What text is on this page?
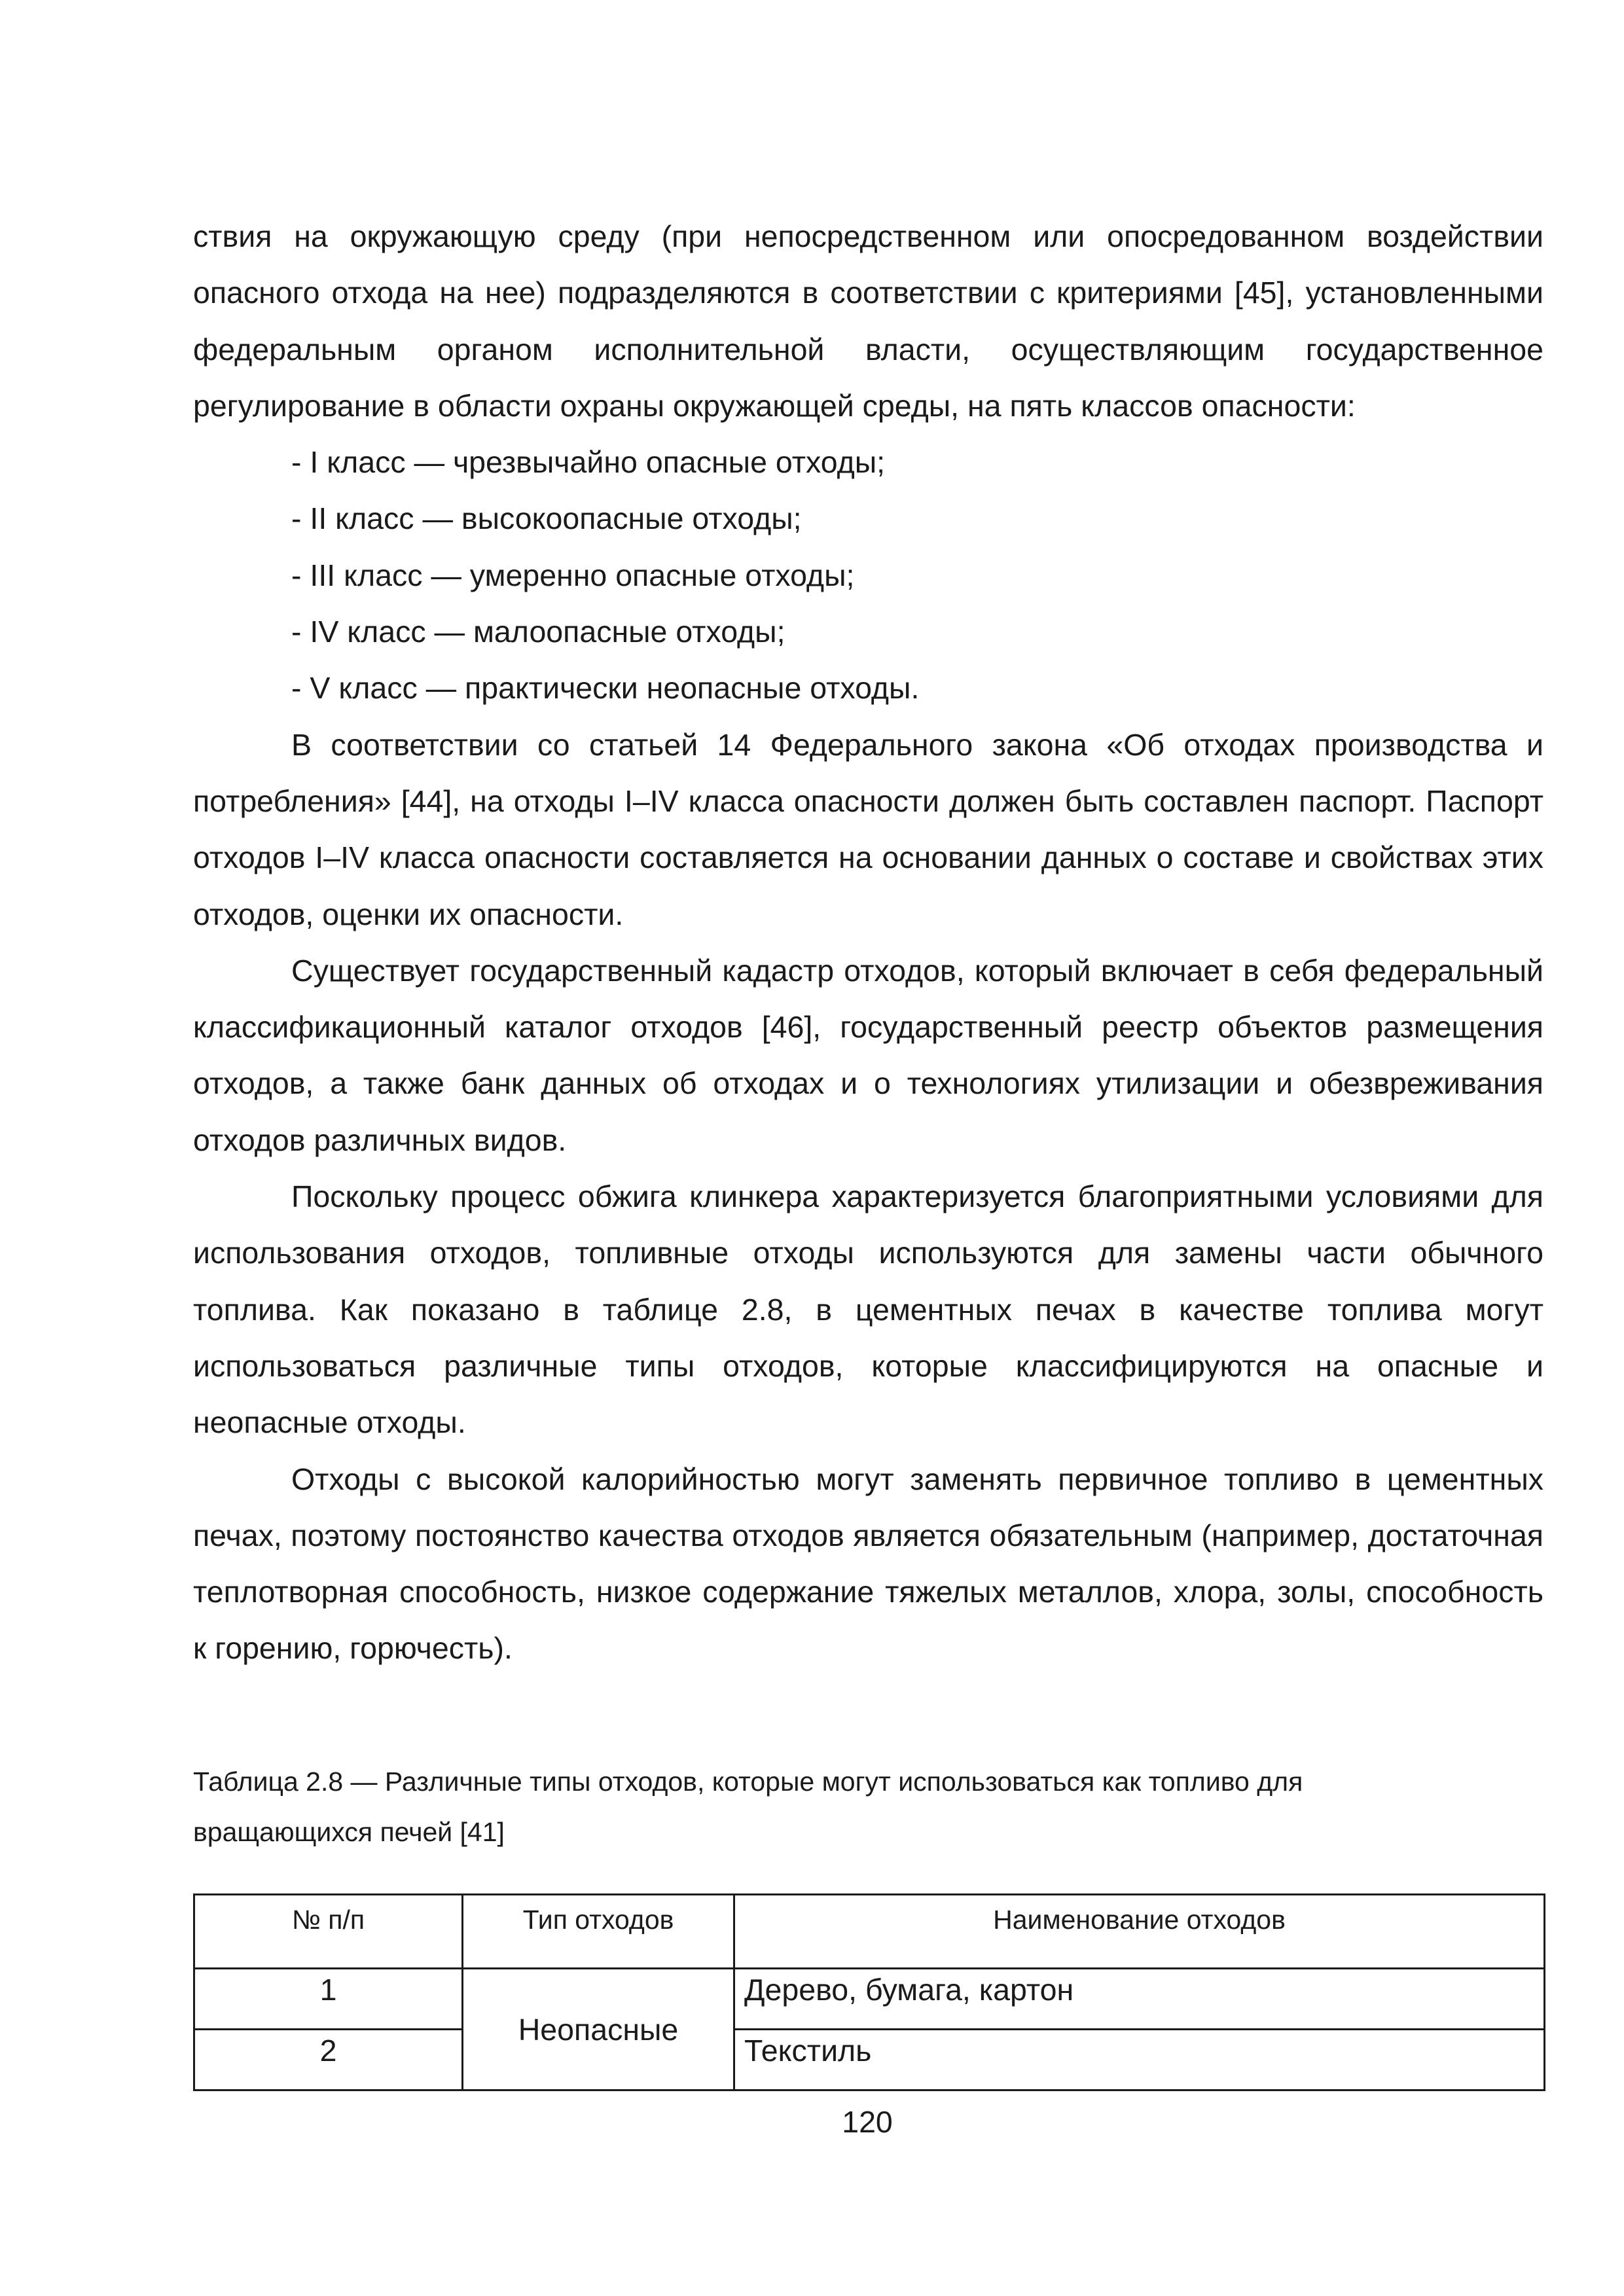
ствия на окружающую среду (при непосредственном или опосредованном воздействии опасного отхода на нее) подразделяются в соответствии с критериями [45], установленными федеральным органом исполнительной власти, осуществляющим государственное регулирование в области охраны окружающей среды, на пять классов опасности:

- I класс — чрезвычайно опасные отходы;

- II класс — высокоопасные отходы;

- III класс — умеренно опасные отходы;

- IV класс — малоопасные отходы;

- V класс — практически неопасные отходы.

В соответствии со статьей 14 Федерального закона «Об отходах производства и потребления» [44], на отходы I–IV класса опасности должен быть составлен паспорт. Паспорт отходов I–IV класса опасности составляется на основании данных о составе и свойствах этих отходов, оценки их опасности.

Существует государственный кадастр отходов, который включает в себя федеральный классификационный каталог отходов [46], государственный реестр объектов размещения отходов, а также банк данных об отходах и о технологиях утилизации и обезвреживания отходов различных видов.

Поскольку процесс обжига клинкера характеризуется благоприятными условиями для использования отходов, топливные отходы используются для замены части обычного топлива. Как показано в таблице 2.8, в цементных печах в качестве топлива могут использоваться различные типы отходов, которые классифицируются на опасные и неопасные отходы.

Отходы с высокой калорийностью могут заменять первичное топливо в цементных печах, поэтому постоянство качества отходов является обязательным (например, достаточная теплотворная способность, низкое содержание тяжелых металлов, хлора, золы, способность к горению, горючесть).

Таблица 2.8 — Различные типы отходов, которые могут использоваться как топливо для
вращающихся печей [41]
№ п/п	Тип отходов	Наименование отходов
1	Неопасные	Дерево, бумага, картон
2		Текстиль
120
